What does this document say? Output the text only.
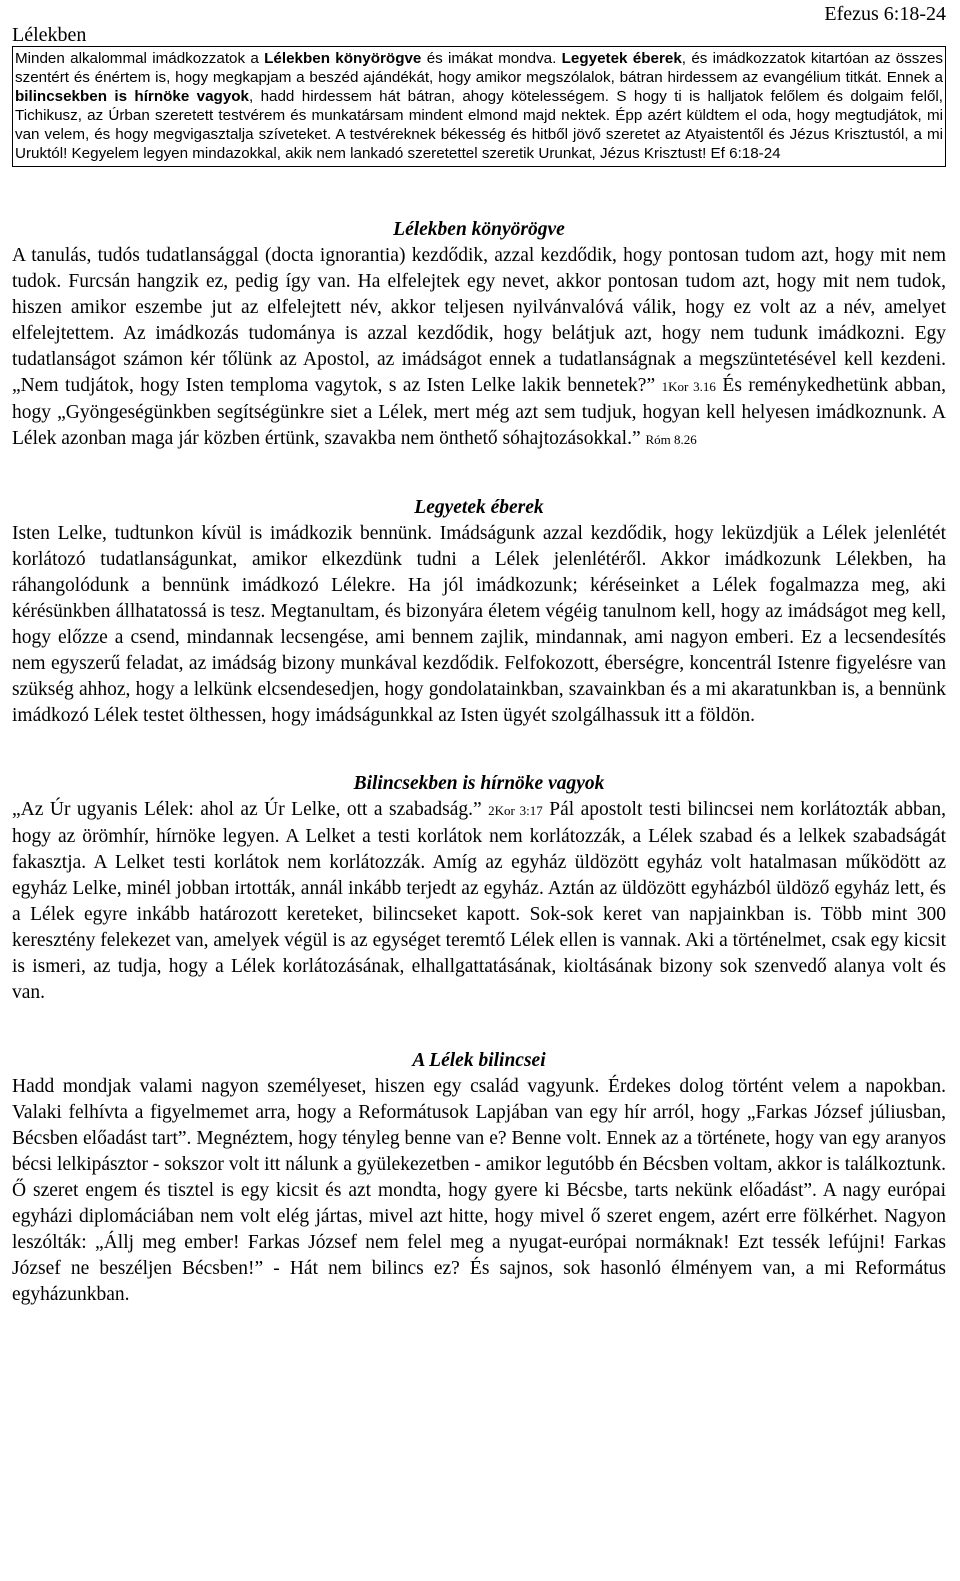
Lélekben
Efezus 6:18-24
Minden alkalommal imádkozzatok a Lélekben könyörögve és imákat mondva. Legyetek éberek, és imádkozzatok kitartóan az összes szentért és énértem is, hogy megkapjam a beszéd ajándékát, hogy amikor megszólalok, bátran hirdessem az evangélium titkát. Ennek a bilincsekben is hírnöke vagyok, hadd hirdessem hát bátran, ahogy kötelességem. S hogy ti is halljatok felőlem és dolgaim felől, Tichikusz, az Úrban szeretett testvérem és munkatársam mindent elmond majd nektek. Épp azért küldtem el oda, hogy megtudjátok, mi van velem, és hogy megvigasztalja szíveteket. A testvéreknek békesség és hitből jövő szeretet az Atyaistentől és Jézus Krisztustól, a mi Uruktól! Kegyelem legyen mindazokkal, akik nem lankadó szeretettel szeretik Urunkat, Jézus Krisztust! Ef 6:18-24
Lélekben könyörögve

A tanulás, tudós tudatlansággal (docta ignorantia) kezdődik, azzal kezdődik, hogy pontosan tudom azt, hogy mit nem tudok. Furcsán hangzik ez, pedig így van. Ha elfelejtek egy nevet, akkor pontosan tudom azt, hogy mit nem tudok, hiszen amikor eszembe jut az elfelejtett név, akkor teljesen nyilvánvalóvá válik, hogy ez volt az a név, amelyet elfelejtettem. Az imádkozás tudománya is azzal kezdődik, hogy belátjuk azt, hogy nem tudunk imádkozni. Egy tudatlanságot számon kér tőlünk az Apostol, az imádságot ennek a tudatlanságnak a megszüntetésével kell kezdeni. „Nem tudjátok, hogy Isten temploma vagytok, s az Isten Lelke lakik bennetek?” 1Kor 3.16 És reménykedhetünk abban, hogy „Gyöngeségünkben segítségünkre siet a Lélek, mert még azt sem tudjuk, hogyan kell helyesen imádkoznunk. A Lélek azonban maga jár közben értünk, szavakba nem önthető sóhajtozásokkal.” Róm 8.26

Legyetek éberek

Isten Lelke, tudtunkon kívül is imádkozik bennünk. Imádságunk azzal kezdődik, hogy leküzdjük a Lélek jelenlétét korlátozó tudatlanságunkat, amikor elkezdünk tudni a Lélek jelenlétéről. Akkor imádkozunk Lélekben, ha ráhangolódunk a bennünk imádkozó Lélekre. Ha jól imádkozunk; kéréseinket a Lélek fogalmazza meg, aki kérésünkben állhatatossá is tesz. Megtanultam, és bizonyára életem végéig tanulnom kell, hogy az imádságot meg kell, hogy előzze a csend, mindannak lecsengése, ami bennem zajlik, mindannak, ami nagyon emberi. Ez a lecsendesítés nem egyszerű feladat, az imádság bizony munkával kezdődik. Felfokozott, éberségre, koncentrál Istenre figyelésre van szükség ahhoz, hogy a lelkünk elcsendesedjen, hogy gondolatainkban, szavainkban és a mi akaratunkban is, a bennünk imádkozó Lélek testet ölthessen, hogy imádságunkkal az Isten ügyét szolgálhassuk itt a földön.

Bilincsekben is hírnöke vagyok

„Az Úr ugyanis Lélek: ahol az Úr Lelke, ott a szabadság.” 2Kor 3:17 Pál apostolt testi bilincsei nem korlátozták abban, hogy az örömhír, hírnöke legyen. A Lelket a testi korlátok nem korlátozzák, a Lélek szabad és a lelkek szabadságát fakasztja. A Lelket testi korlátok nem korlátozzák. Amíg az egyház üldözött egyház volt hatalmasan működött az egyház Lelke, minél jobban irtották, annál inkább terjedt az egyház. Aztán az üldözött egyházból üldöző egyház lett, és a Lélek egyre inkább határozott kereteket, bilincseket kapott. Sok-sok keret van napjainkban is. Több mint 300 keresztény felekezet van, amelyek végül is az egységet teremtő Lélek ellen is vannak. Aki a történelmet, csak egy kicsit is ismeri, az tudja, hogy a Lélek korlátozásának, elhallgattatásának, kioltásának bizony sok szenvedő alanya volt és van.

A Lélek bilincsei

Hadd mondjak valami nagyon személyeset, hiszen egy család vagyunk. Érdekes dolog történt velem a napokban. Valaki felhívta a figyelmemet arra, hogy a Reformátusok Lapjában van egy hír arról, hogy „Farkas József júliusban, Bécsben előadást tart”. Megnéztem, hogy tényleg benne van e? Benne volt. Ennek az a története, hogy van egy aranyos bécsi lelkipásztor - sokszor volt itt nálunk a gyülekezetben - amikor legutóbb én Bécsben voltam, akkor is találkoztunk. Ő szeret engem és tisztel is egy kicsit és azt mondta, hogy gyere ki Bécsbe, tarts nekünk előadást”. A nagy európai egyházi diplomáciában nem volt elég jártas, mivel azt hitte, hogy mivel ő szeret engem, azért erre fölkérhet. Nagyon leszólták: „Állj meg ember! Farkas József nem felel meg a nyugat-európai normáknak! Ezt tessék lefújni! Farkas József ne beszéljen Bécsben!” - Hát nem bilincs ez? És sajnos, sok hasonló élményem van, a mi Református egyházunkban.
